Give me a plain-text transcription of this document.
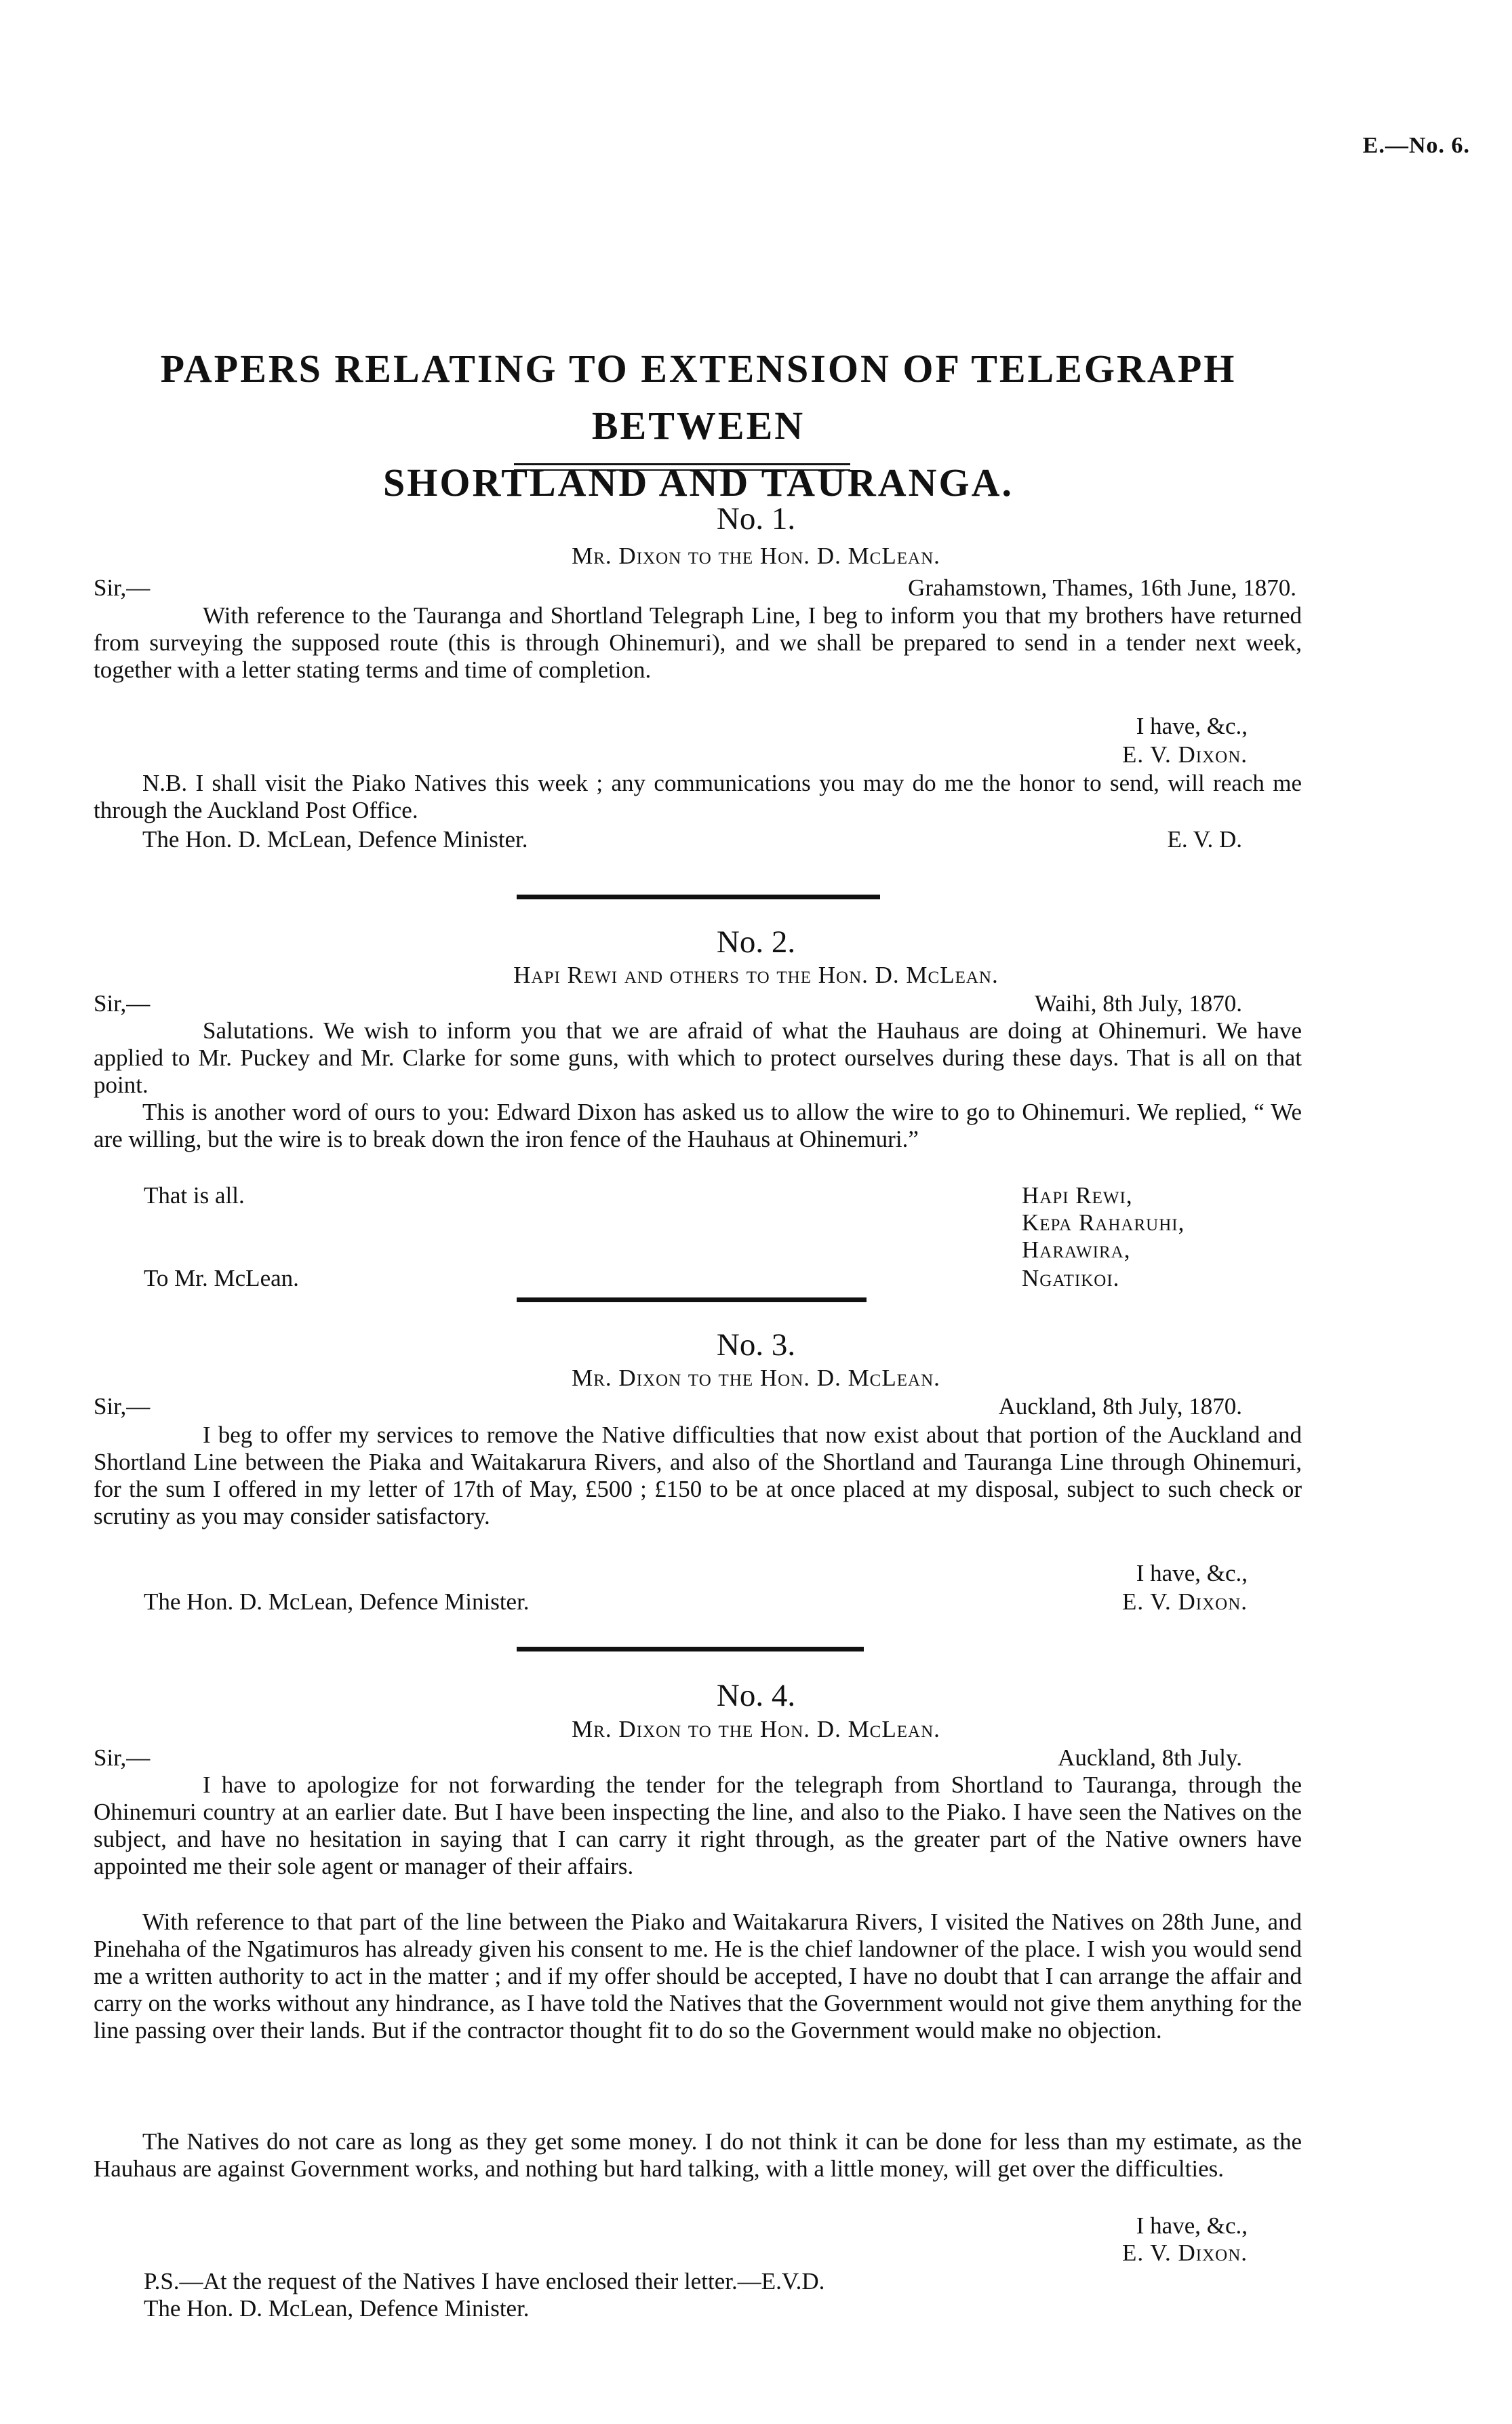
E.—No. 6.
PAPERS RELATING TO EXTENSION OF TELEGRAPH BETWEEN
SHORTLAND AND TAURANGA.
No. 1.
Mr. Dixon to the Hon. D. McLean.
Sir,—	Grahamstown, Thames, 16th June, 1870.
With reference to the Tauranga and Shortland Telegraph Line, I beg to inform you that my brothers have returned from surveying the supposed route (this is through Ohinemuri), and we shall be prepared to send in a tender next week, together with a letter stating terms and time of completion.
I have, &c.,
E. V. Dixon.
N.B. I shall visit the Piako Natives this week ; any communications you may do me the honor to send, will reach me through the Auckland Post Office.
The Hon. D. McLean, Defence Minister.	E. V. D.
No. 2.
Hapi Rewi and others to the Hon. D. McLean.
Sir,—	Waihi, 8th July, 1870.
Salutations. We wish to inform you that we are afraid of what the Hauhaus are doing at Ohinemuri. We have applied to Mr. Puckey and Mr. Clarke for some guns, with which to protect ourselves during these days. That is all on that point.
This is another word of ours to you: Edward Dixon has asked us to allow the wire to go to Ohinemuri. We replied, “ We are willing, but the wire is to break down the iron fence of the Hauhaus at Ohinemuri.”
That is all.	Hapi Rewi,
Kepa Raharuhi,
Harawira,
Ngatikoi.
To Mr. McLean.
No. 3.
Mr. Dixon to the Hon. D. McLean.
Sir,—	Auckland, 8th July, 1870.
I beg to offer my services to remove the Native difficulties that now exist about that portion of the Auckland and Shortland Line between the Piaka and Waitakarura Rivers, and also of the Shortland and Tauranga Line through Ohinemuri, for the sum I offered in my letter of 17th of May, £500 ; £150 to be at once placed at my disposal, subject to such check or scrutiny as you may consider satisfactory.
I have, &c.,
The Hon. D. McLean, Defence Minister.	E. V. Dixon.
No. 4.
Mr. Dixon to the Hon. D. McLean.
Sir,—	Auckland, 8th July.
I have to apologize for not forwarding the tender for the telegraph from Shortland to Tauranga, through the Ohinemuri country at an earlier date. But I have been inspecting the line, and also to the Piako. I have seen the Natives on the subject, and have no hesitation in saying that I can carry it right through, as the greater part of the Native owners have appointed me their sole agent or manager of their affairs.
With reference to that part of the line between the Piako and Waitakarura Rivers, I visited the Natives on 28th June, and Pinehaha of the Ngatimuros has already given his consent to me. He is the chief landowner of the place. I wish you would send me a written authority to act in the matter ; and if my offer should be accepted, I have no doubt that I can arrange the affair and carry on the works without any hindrance, as I have told the Natives that the Government would not give them anything for the line passing over their lands. But if the contractor thought fit to do so the Government would make no objection.
The Natives do not care as long as they get some money. I do not think it can be done for less than my estimate, as the Hauhaus are against Government works, and nothing but hard talking, with a little money, will get over the difficulties.
I have, &c.,
E. V. Dixon.
P.S.—At the request of the Natives I have enclosed their letter.—E.V.D.
The Hon. D. McLean, Defence Minister.
